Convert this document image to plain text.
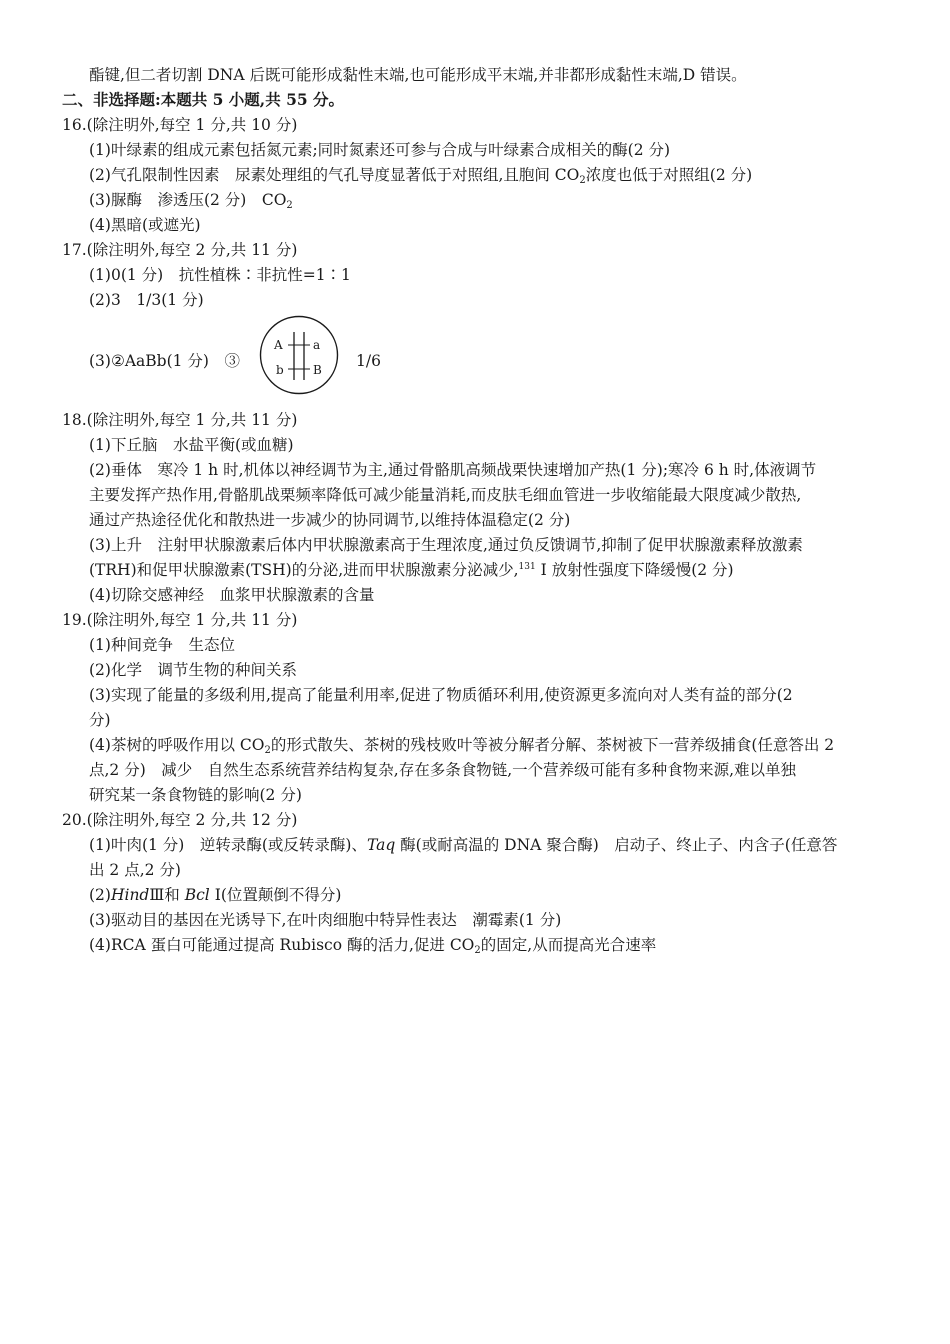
酯键,但二者切割 DNA 后既可能形成黏性末端,也可能形成平末端,并非都形成黏性末端,D 错误。
二、非选择题:本题共 5 小题,共 55 分。
16.(除注明外,每空 1 分,共 10 分)
(1)叶绿素的组成元素包括氮元素;同时氮素还可参与合成与叶绿素合成相关的酶(2 分)
(2)气孔限制性因素　尿素处理组的气孔导度显著低于对照组,且胞间 $CO_2$浓度也低于对照组(2 分)
(3)脲酶　渗透压(2 分)　$CO_2$
(4)黑暗(或遮光)
17.(除注明外,每空 2 分,共 11 分)
(1)0(1 分)　抗性植株∶非抗性=1∶1
(2)3　1/3(1 分)
(3)②AaBb(1 分)　③
A	a
b B 1/6
18.(除注明外,每空 1 分,共 11 分)
(1)下丘脑　水盐平衡(或血糖)
(2)垂体　寒冷 1 h 时,机体以神经调节为主,通过骨骼肌高频战栗快速增加产热(1 分);寒冷 6 h 时,体液调节
主要发挥产热作用,骨骼肌战栗频率降低可减少能量消耗,而皮肤毛细血管进一步收缩能最大限度减少散热,
通过产热途径优化和散热进一步减少的协同调节,以维持体温稳定(2 分)
(3)上升　注射甲状腺激素后体内甲状腺激素高于生理浓度,通过负反馈调节,抑制了促甲状腺激素释放激素
(TRH)和促甲状腺激素(TSH)的分泌,进而甲状腺激素分泌减少,$^{131}$ I 放射性强度下降缓慢(2 分)
(4)切除交感神经　血浆甲状腺激素的含量
19.(除注明外,每空 1 分,共 11 分)
(1)种间竞争　生态位
(2)化学　调节生物的种间关系
(3)实现了能量的多级利用,提高了能量利用率,促进了物质循环利用,使资源更多流向对人类有益的部分(2
分)
(4)茶树的呼吸作用以 $CO_2$的形式散失、茶树的残枝败叶等被分解者分解、茶树被下一营养级捕食(任意答出 2
点,2 分)　减少　自然生态系统营养结构复杂,存在多条食物链,一个营养级可能有多种食物来源,难以单独
研究某一条食物链的影响(2 分)
20.(除注明外,每空 2 分,共 12 分)
(1)叶肉(1 分)　逆转录酶(或反转录酶)、Taq 酶(或耐高温的 DNA 聚合酶)　启动子、终止子、内含子(任意答
出 2 点,2 分)
(2)HindⅢ和 Bcl Ⅰ(位置颠倒不得分)
(3)驱动目的基因在光诱导下,在叶肉细胞中特异性表达　潮霉素(1 分)
(4)RCA 蛋白可能通过提高 Rubisco 酶的活力,促进 $CO_2$的固定,从而提高光合速率
